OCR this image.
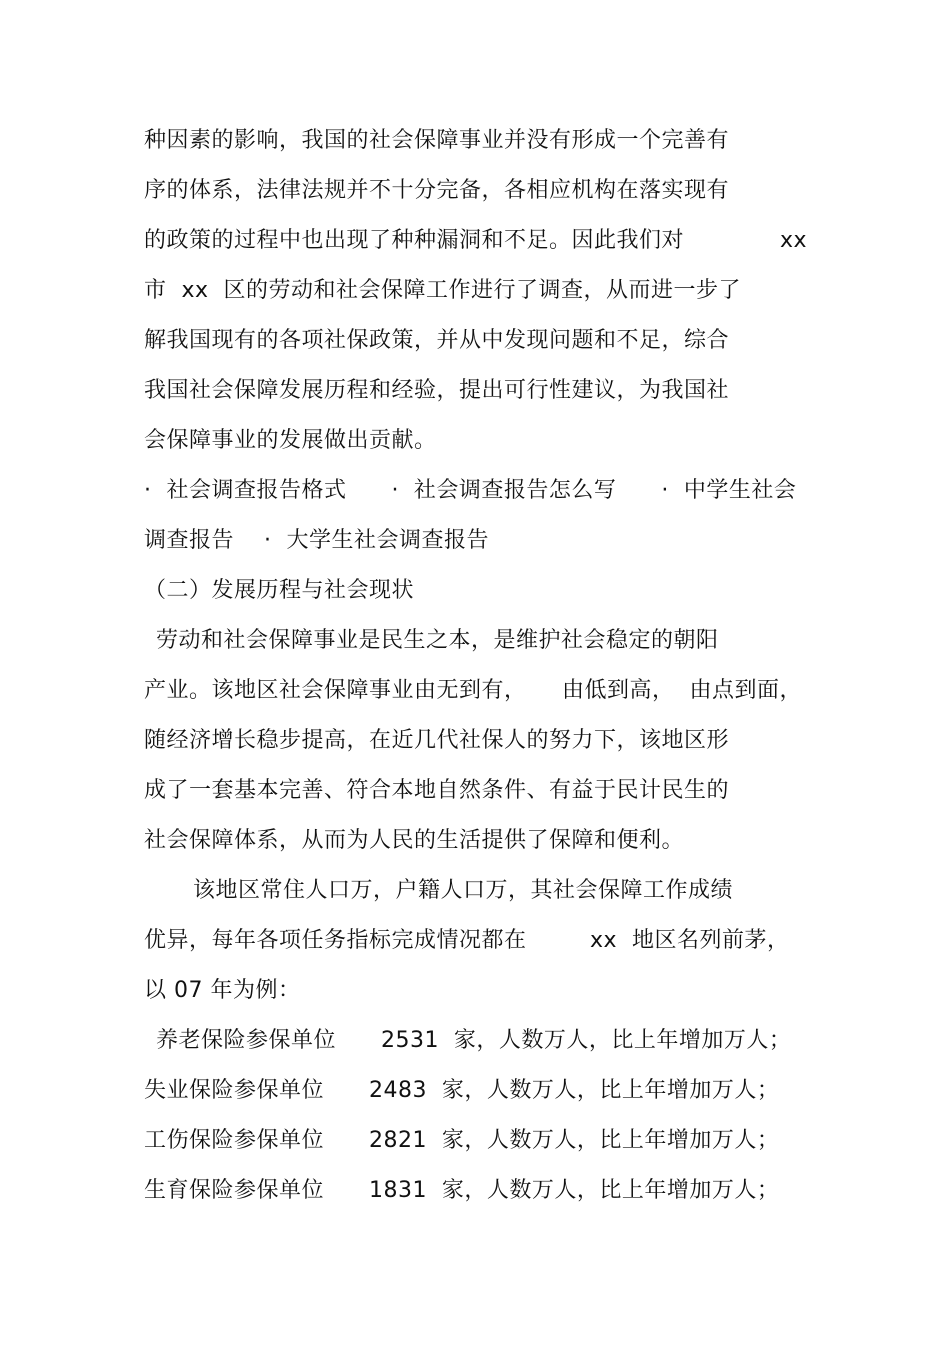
种因素的影响，我国的社会保障事业并没有形成一个完善有
序的体系，法律法规并不十分完备，各相应机构在落实现有
的政策的过程中也出现了种种漏洞和不足。因此我们对	xx
市  xx  区的劳动和社会保障工作进行了调查，从而进一步了
解我国现有的各项社保政策，并从中发现问题和不足，综合
我国社会保障发展历程和经验，提出可行性建议，为我国社
会保障事业的发展做出贡献。
·  社会调查报告格式      ·  社会调查报告怎么写      ·  中学生社会
调查报告    ·  大学生社会调查报告
（二）发展历程与社会现状
劳动和社会保障事业是民生之本，是维护社会稳定的朝阳
产业。该地区社会保障事业由无到有， 由低到高，  由点到面，
随经济增长稳步提高，在近几代社保人的努力下，该地区形
成了一套基本完善、符合本地自然条件、有益于民计民生的
社会保障体系，从而为人民的生活提供了保障和便利。
该地区常住人口万，户籍人口万，其社会保障工作成绩
优异，每年各项任务指标完成情况都在	xx  地区名列前茅，
以 07 年为例：
养老保险参保单位      2531  家，人数万人，比上年增加万人；
失业保险参保单位      2483  家，人数万人，比上年增加万人；
工伤保险参保单位      2821  家，人数万人，比上年增加万人；
生育保险参保单位      1831  家，人数万人，比上年增加万人；
